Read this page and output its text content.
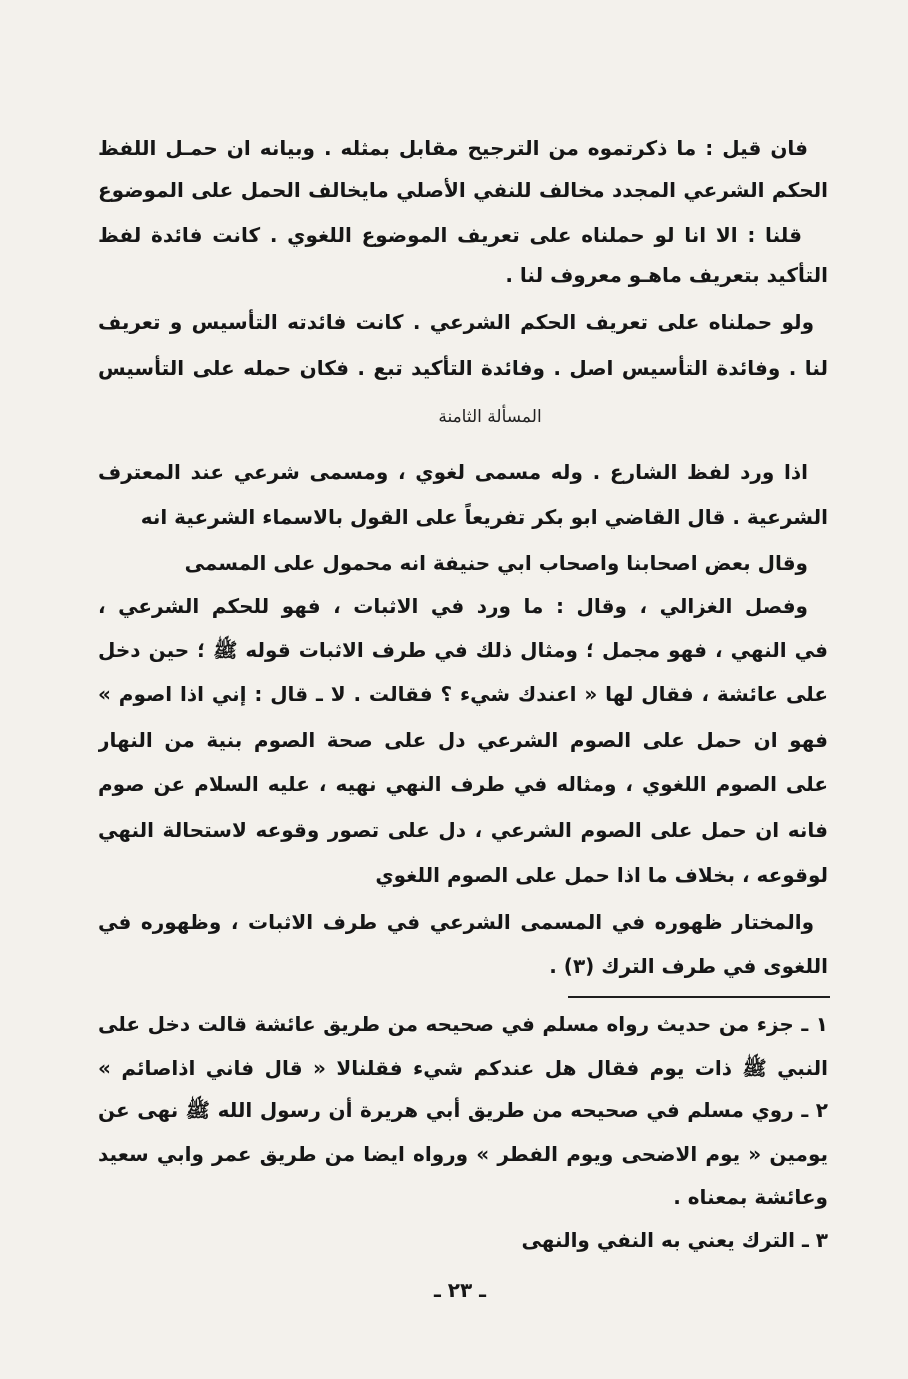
فان قيل : ما ذكرتموه من الترجيح مقابل بمثله . وبيانه ان حمـل اللفظ
الحكم الشرعي المجدد مخالف للنفي الأصلي مايخالف الحمل على الموضوع
قلنا : الا انا لو حملناه على تعريف الموضوع اللغوي . كانت فائدة لفظ
التأكيد بتعريف ماهـو معروف لنا .
ولو حملناه على تعريف الحكم الشرعي . كانت فائدته التأسيس و تعريف
لنا . وفائدة التأسيس اصل . وفائدة التأكيد تبع . فكان حمله على التأسيس
المسألة الثامنة
اذا ورد لفظ الشارع . وله مسمى لغوي ، ومسمى شرعي عند المعترف
الشرعية . قال القاضي ابو بكر تفريعاً على القول بالاسماء الشرعية انه
وقال بعض اصحابنا واصحاب ابي حنيفة انه محمول على المسمى
وفصل الغزالي ، وقال : ما ورد في الاثبات ، فهو للحكم الشرعي ،
في النهي ، فهو مجمل ؛ ومثال ذلك في طرف الاثبات قوله ﷺ ؛ حين دخل
على عائشة ، فقال لها « اعندك شيء ؟ فقالت . لا ـ قال : إني اذا اصوم »
فهو ان حمل على الصوم الشرعي دل على صحة الصوم بنية من النهار
على الصوم اللغوي ، ومثاله في طرف النهي نهيه ، عليه السلام عن صوم
فانه ان حمل على الصوم الشرعي ، دل على تصور وقوعه لاستحالة النهي
لوقوعه ، بخلاف ما اذا حمل على الصوم اللغوي
والمختار ظهوره في المسمى الشرعي في طرف الاثبات ، وظهوره في
اللغوى في طرف الترك (٣) .
١ ـ جزء من حديث رواه مسلم في صحيحه من طريق عائشة قالت دخل على
النبي ﷺ ذات يوم فقال هل عندكم شيء فقلنالا « قال فاني اذاصائم »
٢ ـ روي مسلم في صحيحه من طريق أبي هريرة أن رسول الله ﷺ نهى عن
يومين « يوم الاضحى ويوم الفطر » ورواه ايضا من طريق عمر وابي سعيد
وعائشة بمعناه .
٣ ـ الترك يعني به النفي والنهى
ـ ٢٣ ـ
